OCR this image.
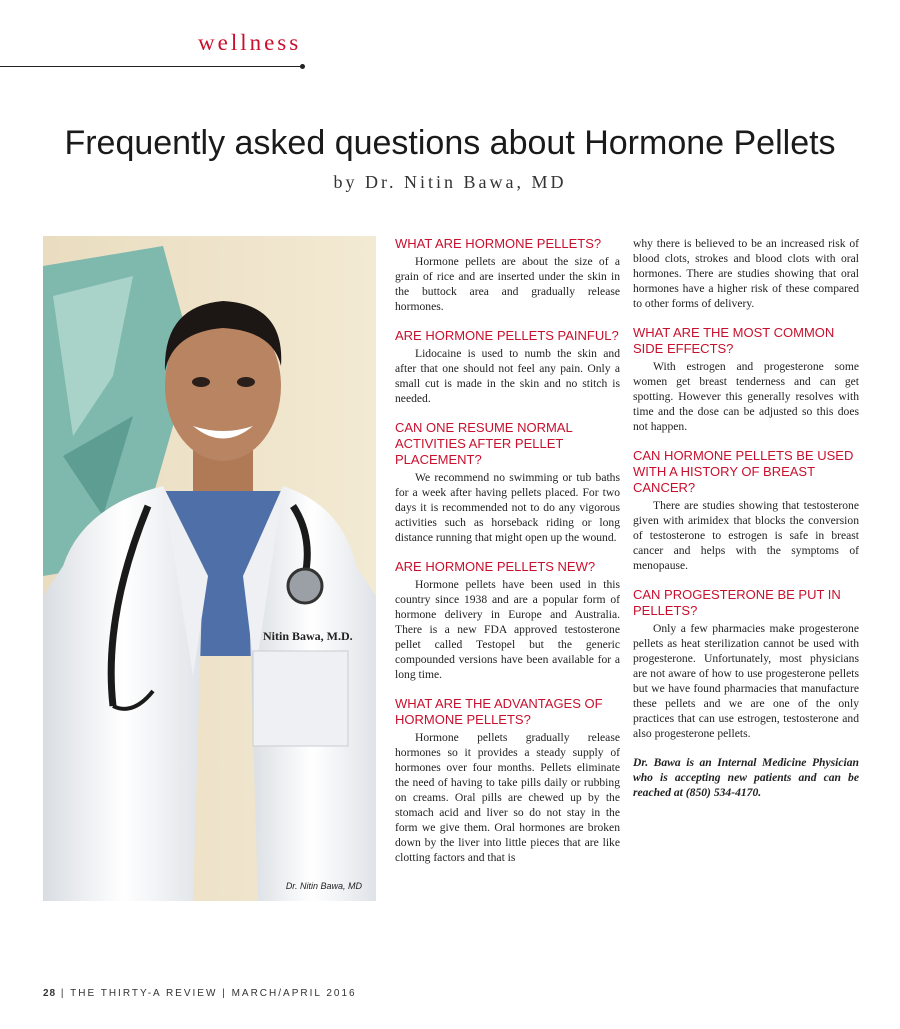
wellness
Frequently asked questions about Hormone Pellets
by Dr. Nitin Bawa, MD
Nitin Bawa, M.D.
Dr. Nitin Bawa, MD
WHAT ARE HORMONE PELLETS?

Hormone pellets are about the size of a grain of rice and are inserted under the skin in the buttock area and gradually release hormones.

ARE HORMONE PELLETS PAINFUL?

Lidocaine is used to numb the skin and after that one should not feel any pain. Only a small cut is made in the skin and no stitch is needed.

CAN ONE RESUME NORMAL ACTIVITIES AFTER PELLET PLACEMENT?

We recommend no swimming or tub baths for a week after having pellets placed. For two days it is recommended not to do any vigorous activities such as horseback riding or long distance running that might open up the wound.

ARE HORMONE PELLETS NEW?

Hormone pellets have been used in this country since 1938 and are a popular form of hormone delivery in Europe and Australia. There is a new FDA approved testosterone pellet called Testopel but the generic compounded versions have been available for a long time.

WHAT ARE THE ADVANTAGES OF HORMONE PELLETS?

Hormone pellets gradually release hormones so it provides a steady supply of hormones over four months. Pellets eliminate the need of having to take pills daily or rubbing on creams. Oral pills are chewed up by the stomach acid and liver so do not stay in the form we give them. Oral hormones are broken down by the liver into little pieces that are like clotting factors and that is

why there is believed to be an increased risk of blood clots, strokes and blood clots with oral hormones. There are studies showing that oral hormones have a higher risk of these compared to other forms of delivery.

WHAT ARE THE MOST COMMON SIDE EFFECTS?

With estrogen and progesterone some women get breast tenderness and can get spotting. However this generally resolves with time and the dose can be adjusted so this does not happen.

CAN HORMONE PELLETS BE USED WITH A HISTORY OF BREAST CANCER?

There are studies showing that testosterone given with arimidex that blocks the conversion of testosterone to estrogen is safe in breast cancer and helps with the symptoms of menopause.

CAN PROGESTERONE BE PUT IN PELLETS?

Only a few pharmacies make progesterone pellets as heat sterilization cannot be used with progesterone. Unfortunately, most physicians are not aware of how to use progesterone pellets but we have found pharmacies that manufacture these pellets and we are one of the only practices that can use estrogen, testosterone and also progesterone pellets.

Dr. Bawa is an Internal Medicine Physician who is accepting new patients and can be reached at (850) 534-4170.

28 | THE THIRTY-A REVIEW | MARCH/APRIL 2016
